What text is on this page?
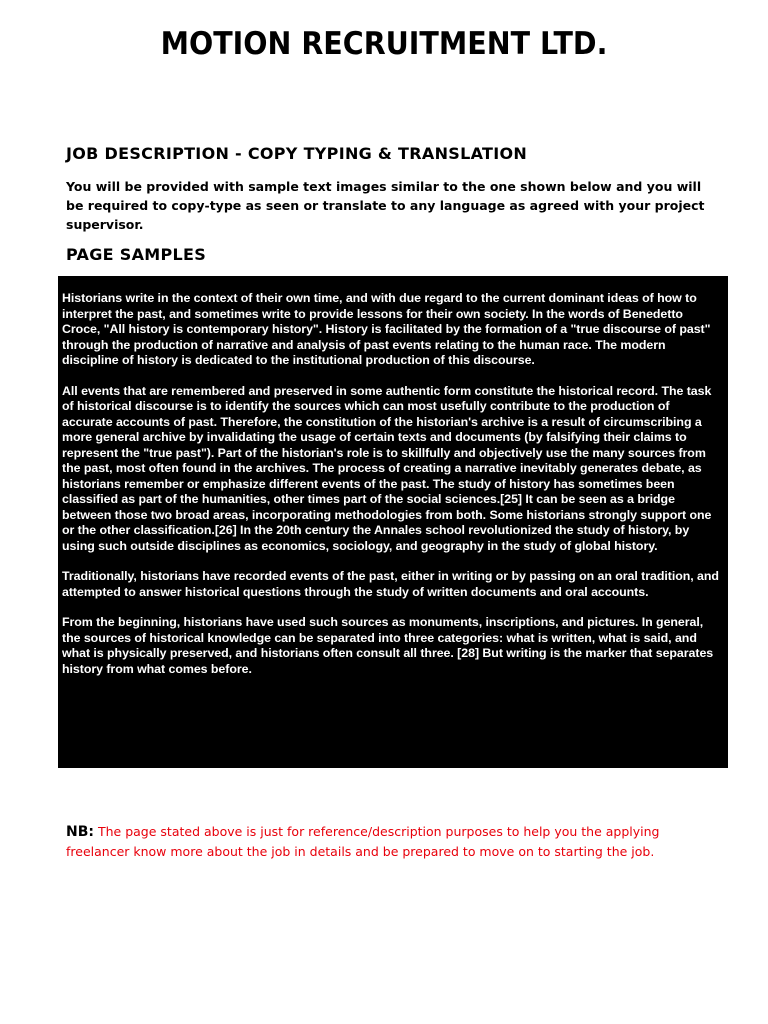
MOTION RECRUITMENT LTD.
JOB DESCRIPTION - COPY TYPING & TRANSLATION

You will be provided with sample text images similar to the one shown below and you will be required to copy-type as seen or translate to any language as agreed with your project supervisor.

PAGE SAMPLES

Historians write in the context of their own time, and with due regard to the current dominant ideas of how to interpret the past, and sometimes write to provide lessons for their own society. In the words of Benedetto Croce, "All history is contemporary history". History is facilitated by the formation of a "true discourse of past" through the production of narrative and analysis of past events relating to the human race. The modern discipline of history is dedicated to the institutional production of this discourse.

All events that are remembered and preserved in some authentic form constitute the historical record. The task of historical discourse is to identify the sources which can most usefully contribute to the production of accurate accounts of past. Therefore, the constitution of the historian's archive is a result of circumscribing a more general archive by invalidating the usage of certain texts and documents (by falsifying their claims to represent the "true past"). Part of the historian's role is to skillfully and objectively use the many sources from the past, most often found in the archives. The process of creating a narrative inevitably generates debate, as historians remember or emphasize different events of the past. The study of history has sometimes been classified as part of the humanities, other times part of the social sciences.[25] It can be seen as a bridge between those two broad areas, incorporating methodologies from both. Some historians strongly support one or the other classification.[26] In the 20th century the Annales school revolutionized the study of history, by using such outside disciplines as economics, sociology, and geography in the study of global history.

Traditionally, historians have recorded events of the past, either in writing or by passing on an oral tradition, and attempted to answer historical questions through the study of written documents and oral accounts.

From the beginning, historians have used such sources as monuments, inscriptions, and pictures. In general, the sources of historical knowledge can be separated into three categories: what is written, what is said, and what is physically preserved, and historians often consult all three. [28] But writing is the marker that separates history from what comes before.

NB: The page stated above is just for reference/description purposes to help you the applying freelancer know more about the job in details and be prepared to move on to starting the job.
